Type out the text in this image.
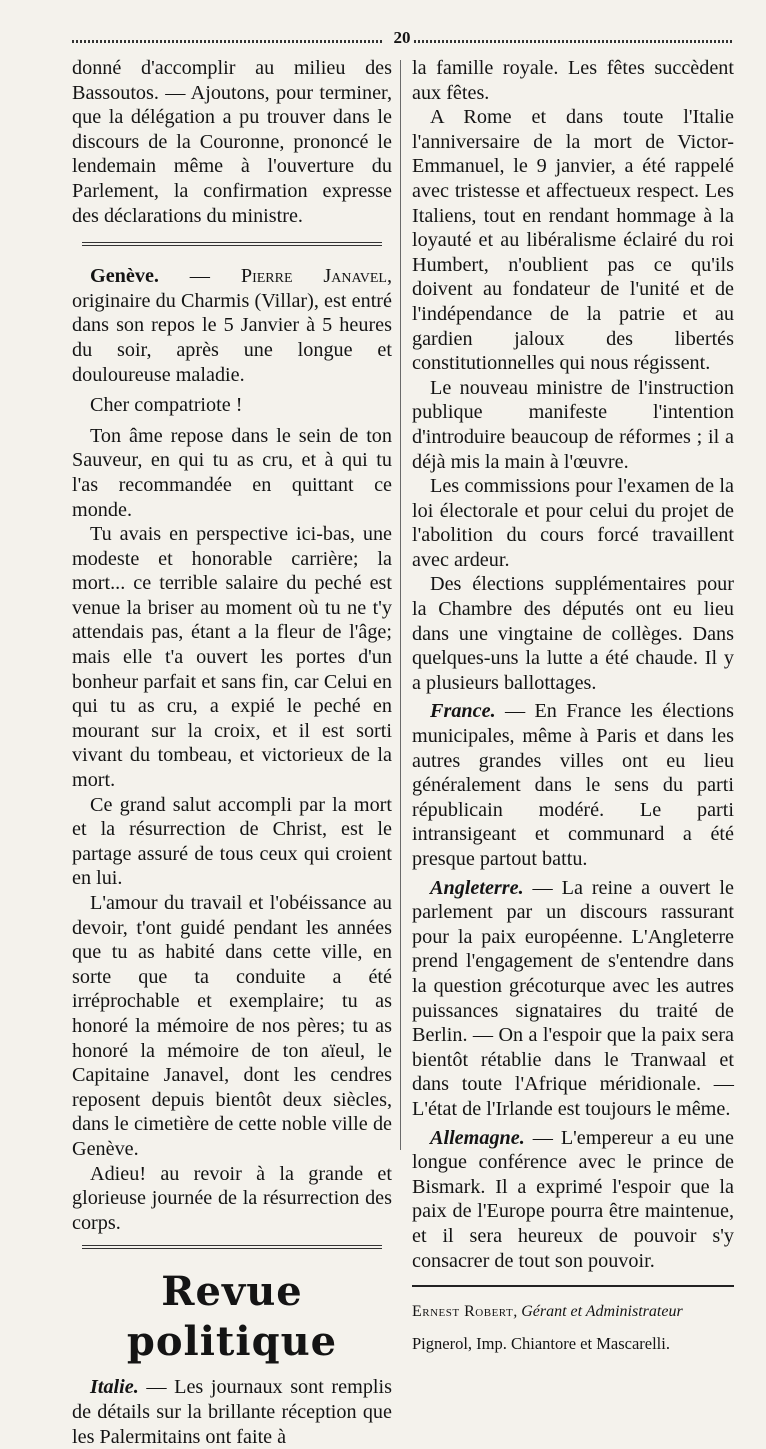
20

donné d'accomplir au milieu des Bassoutos. — Ajoutons, pour terminer, que la délégation a pu trouver dans le discours de la Couronne, prononcé le lendemain même à l'ouverture du Parlement, la confirmation expresse des déclarations du ministre.

Genève. — Pierre Janavel, originaire du Charmis (Villar), est entré dans son repos le 5 Janvier à 5 heures du soir, après une longue et douloureuse maladie.

Cher compatriote !

Ton âme repose dans le sein de ton Sauveur, en qui tu as cru, et à qui tu l'as recommandée en quittant ce monde.

Tu avais en perspective ici-bas, une modeste et honorable carrière; la mort... ce terrible salaire du peché est venue la briser au moment où tu ne t'y attendais pas, étant a la fleur de l'âge; mais elle t'a ouvert les portes d'un bonheur parfait et sans fin, car Celui en qui tu as cru, a expié le peché en mourant sur la croix, et il est sorti vivant du tombeau, et victorieux de la mort.

Ce grand salut accompli par la mort et la résurrection de Christ, est le partage assuré de tous ceux qui croient en lui.

L'amour du travail et l'obéissance au devoir, t'ont guidé pendant les années que tu as habité dans cette ville, en sorte que ta conduite a été irréprochable et exemplaire; tu as honoré la mémoire de nos pères; tu as honoré la mémoire de ton aïeul, le Capitaine Janavel, dont les cendres reposent depuis bientôt deux siècles, dans le cimetière de cette noble ville de Genève.

Adieu! au revoir à la grande et glorieuse journée de la résurrection des corps.

Revue politique

Italie. — Les journaux sont remplis de détails sur la brillante réception que les Palermitains ont faite à

la famille royale. Les fêtes succèdent aux fêtes.

A Rome et dans toute l'Italie l'anniversaire de la mort de Victor-Emmanuel, le 9 janvier, a été rappelé avec tristesse et affectueux respect. Les Italiens, tout en rendant hommage à la loyauté et au libéralisme éclairé du roi Humbert, n'oublient pas ce qu'ils doivent au fondateur de l'unité et de l'indépendance de la patrie et au gardien jaloux des libertés constitutionnelles qui nous régissent.

Le nouveau ministre de l'instruction publique manifeste l'intention d'introduire beaucoup de réformes ; il a déjà mis la main à l'œuvre.

Les commissions pour l'examen de la loi électorale et pour celui du projet de l'abolition du cours forcé travaillent avec ardeur.

Des élections supplémentaires pour la Chambre des députés ont eu lieu dans une vingtaine de collèges. Dans quelques-uns la lutte a été chaude. Il y a plusieurs ballottages.

France. — En France les élections municipales, même à Paris et dans les autres grandes villes ont eu lieu généralement dans le sens du parti républicain modéré. Le parti intransigeant et communard a été presque partout battu.

Angleterre. — La reine a ouvert le parlement par un discours rassurant pour la paix européenne. L'Angleterre prend l'engagement de s'entendre dans la question grécoturque avec les autres puissances signataires du traité de Berlin. — On a l'espoir que la paix sera bientôt rétablie dans le Tranwaal et dans toute l'Afrique méridionale. — L'état de l'Irlande est toujours le même.

Allemagne. — L'empereur a eu une longue conférence avec le prince de Bismark. Il a exprimé l'espoir que la paix de l'Europe pourra être maintenue, et il sera heureux de pouvoir s'y consacrer de tout son pouvoir.

Ernest Robert, Gérant et Administrateur

Pignerol, Imp. Chiantore et Mascarelli.
